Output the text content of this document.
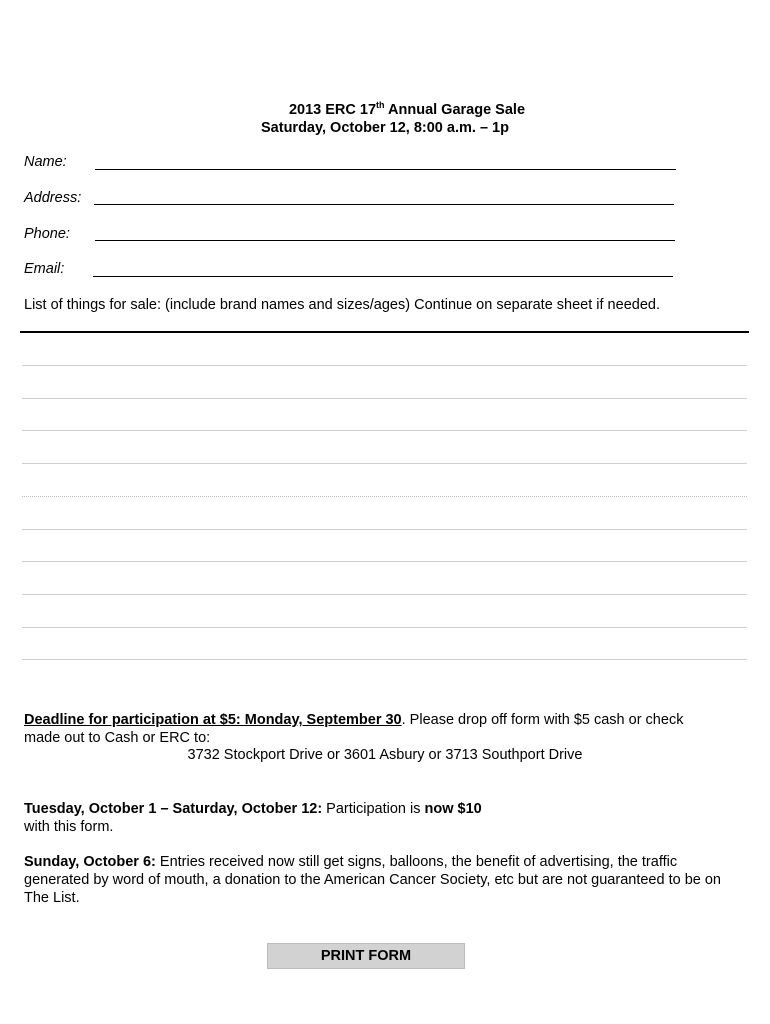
2013 ERC 17th Annual Garage Sale
Saturday, October 12, 8:00 a.m. – 1p
Name:
Address:
Phone:
Email:
List of things for sale: (include brand names and sizes/ages) Continue on separate sheet if needed.
Deadline for participation at $5: Monday, September 30. Please drop off form with $5 cash or check
made out to Cash or ERC to:
3732 Stockport Drive or 3601 Asbury or 3713 Southport Drive
Tuesday, October 1 – Saturday, October 12: Participation is now $10
with this form.
Sunday, October 6: Entries received now still get signs, balloons, the benefit of advertising, the traffic generated by word of mouth, a donation to the American Cancer Society, etc but are not guaranteed to be on The List.
PRINT FORM
